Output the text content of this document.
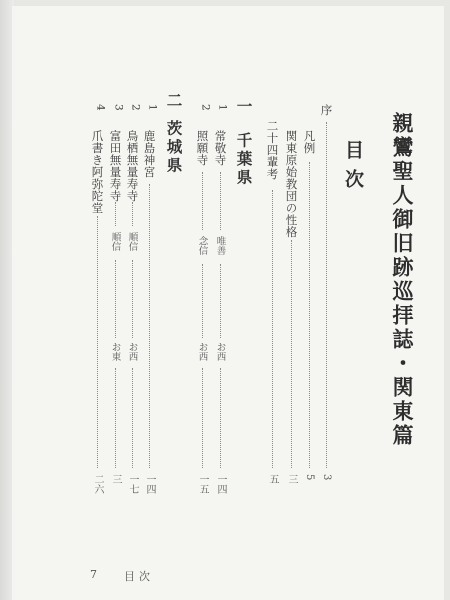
親鸞聖人御旧跡巡拝誌・関東篇
目次
序
3
凡例
5
関東原始教団の性格
三
二十四輩考
五
一
千葉県
1
常敬寺
唯善
お西
一四
2
照願寺
念信
お西
一五
二
茨城県
1
鹿島神宮
一四
2
鳥栖無量寿寺
順信
お西
一七
3
富田無量寿寺
順信
お東
三
4
爪書き阿弥陀堂
二六
7 目次
